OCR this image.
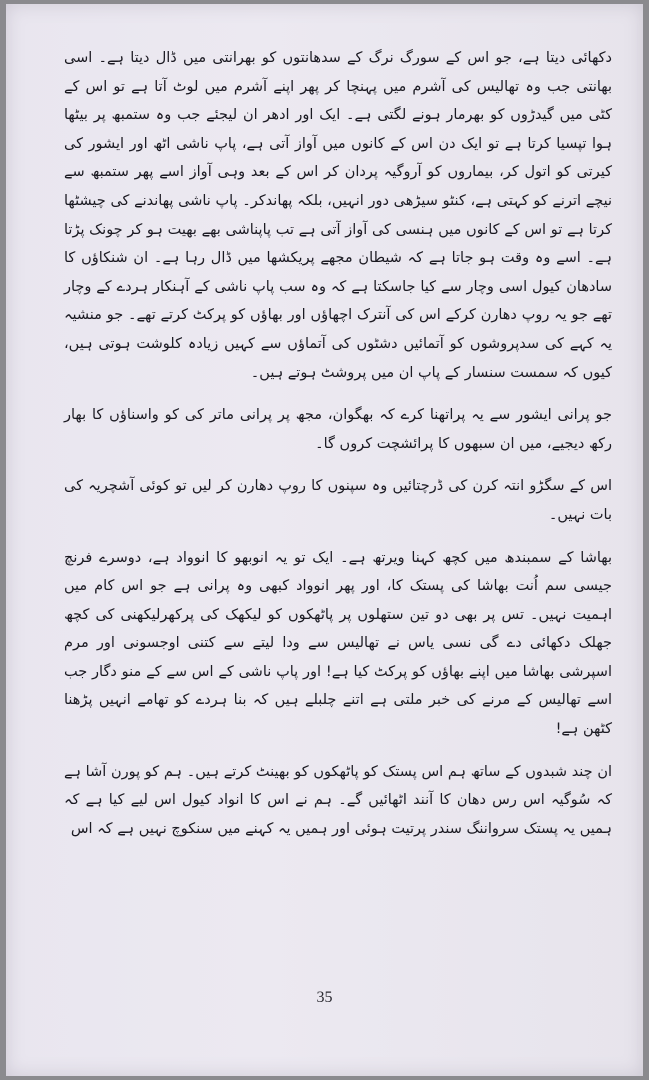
دکھائی دیتا ہے، جو اس کے سورگ نرگ کے سدھانتوں کو بھرانتی میں ڈال دیتا ہے۔ اسی بھانتی جب وہ تھالیس کی آشرم میں پہنچا کر پھر اپنے آشرم میں لوٹ آتا ہے تو اس کے کٹی میں گیدڑوں کو بھرمار ہونے لگتی ہے۔ ایک اور ادھر ان لیجئے جب وہ ستمبھ پر بیٹھا ہوا تپسیا کرتا ہے تو ایک دن اس کے کانوں میں آواز آتی ہے، پاپ ناشی اٹھ اور ایشور کی کیرتی کو اتول کر، بیماروں کو آروگیہ پردان کر اس کے بعد وہی آواز اسے پھر ستمبھ سے نیچے اترنے کو کہتی ہے، کنٹو سیڑھی دور انہیں، بلکہ پھاندکر۔ پاپ ناشی پھاندنے کی چیشٹھا کرتا ہے تو اس کے کانوں میں ہنسی کی آواز آتی ہے تب پاپناشی بھے بھیت ہو کر چونک پڑتا ہے۔ اسے وہ وقت ہو جاتا ہے کہ شیطان مجھے پریکشھا میں ڈال رہا ہے۔ ان شنکاؤں کا سادھان کیول اسی وچار سے کیا جاسکتا ہے کہ وہ سب پاپ ناشی کے آہنکار ہردے کے وچار تھے جو یہ روپ دھارن کرکے اس کی آنترک اچھاؤں اور بھاؤں کو پرکٹ کرتے تھے۔ جو منشیہ یہ کہے کی سدپروشوں کو آتمائیں دشٹوں کی آتماؤں سے کہیں زیادہ کلوشت ہوتی ہیں، کیوں کہ سمست سنسار کے پاپ ان میں پروشٹ ہوتے ہیں۔

جو پرانی ایشور سے یہ پراتھنا کرے کہ بھگوان، مجھ پر پرانی ماتر کی کو واسناؤں کا بھار رکھ دیجیے، میں ان سبھوں کا پرائشچت کروں گا۔

اس کے سگڑو انتہ کرن کی ڈرچتائیں وہ سپنوں کا روپ دھارن کر لیں تو کوئی آشچریہ کی بات نہیں۔

بھاشا کے سمبندھ میں کچھ کہنا ویرتھ ہے۔ ایک تو یہ انوبھو کا انوواد ہے، دوسرے فرنچ جیسی سم اُنت بھاشا کی پستک کا، اور پھر انوواد کبھی وہ پرانی ہے جو اس کام میں اہمیت نہیں۔ تس پر بھی دو تین ستھلوں پر پاٹھکوں کو لیکھک کی پرکھرلیکھنی کی کچھ جھلک دکھائی دے گی نسی یاس نے تھالیس سے ودا لیتے سے کتنی اوجسونی اور مرم اسپرشی بھاشا میں اپنے بھاؤں کو پرکٹ کیا ہے! اور پاپ ناشی کے اس سے کے منو دگار جب اسے تھالیس کے مرنے کی خبر ملتی ہے اتنے چلبلے ہیں کہ بنا ہردے کو تھامے انہیں پڑھنا کٹھن ہے!

ان چند شبدوں کے ساتھ ہم اس پستک کو پاٹھکوں کو بھینٹ کرتے ہیں۔ ہم کو پورن آشا ہے کہ سُوگیہ اس رس دھان کا آنند اٹھائیں گے۔ ہم نے اس کا انواد کیول اس لیے کیا ہے کہ ہمیں یہ پستک سرواننگ سندر پرتیت ہوئی اور ہمیں یہ کہنے میں سنکوچ نہیں ہے کہ اس

35
